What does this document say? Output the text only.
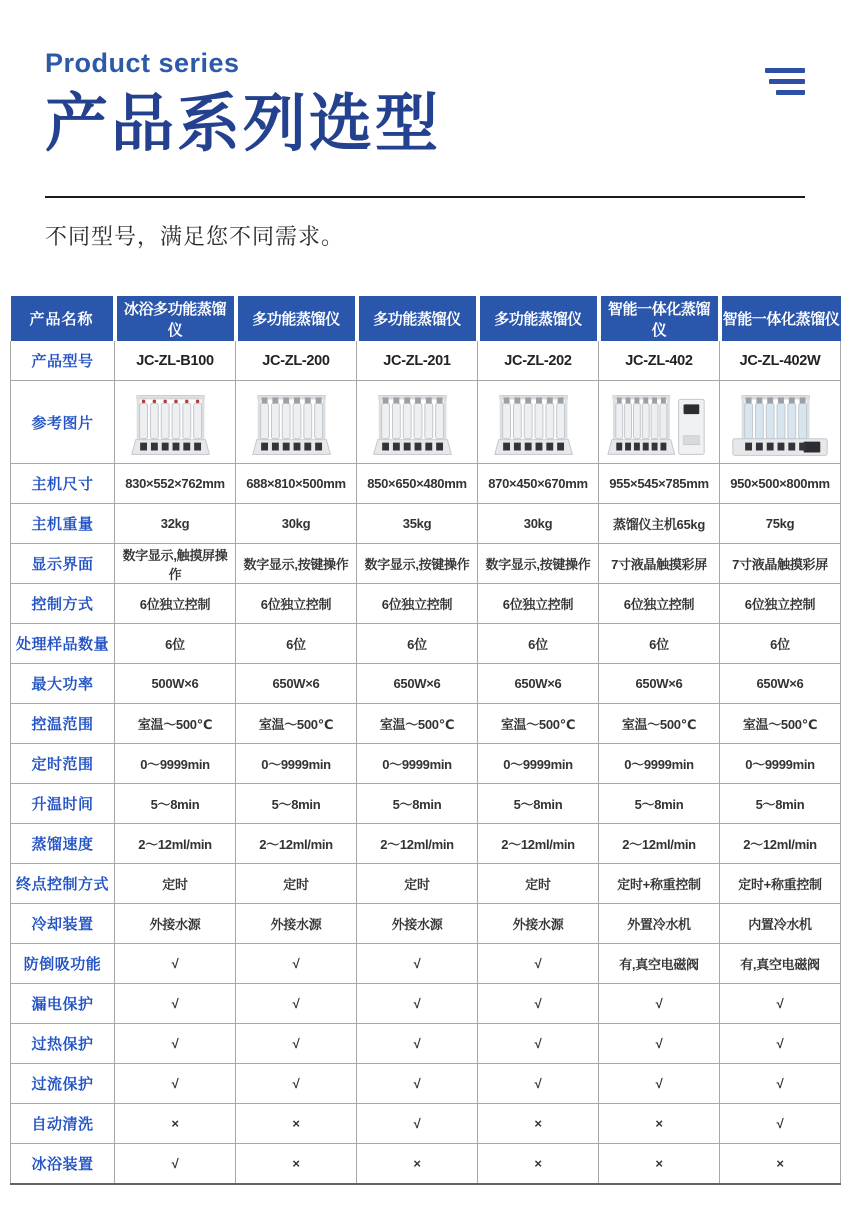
Product series
产品系列选型
不同型号，满足您不同需求。
产品名称	冰浴多功能蒸馏仪	多功能蒸馏仪	多功能蒸馏仪	多功能蒸馏仪	智能一体化蒸馏仪	智能一体化蒸馏仪
产品型号	JC-ZL-B100	JC-ZL-200	JC-ZL-201	JC-ZL-202	JC-ZL-402	JC-ZL-402W
参考图片	

主机尺寸	830×552×762mm	688×810×500mm	850×650×480mm	870×450×670mm	955×545×785mm	950×500×800mm
主机重量	32kg	30kg	35kg	30kg	蒸馏仪主机65kg	75kg
显示界面	数字显示,触摸屏操作	数字显示,按键操作	数字显示,按键操作	数字显示,按键操作	7寸液晶触摸彩屏	7寸液晶触摸彩屏
控制方式	6位独立控制	6位独立控制	6位独立控制	6位独立控制	6位独立控制	6位独立控制
处理样品数量	6位	6位	6位	6位	6位	6位
最大功率	500W×6	650W×6	650W×6	650W×6	650W×6	650W×6
控温范围	室温～500℃	室温～500℃	室温～500℃	室温～500℃	室温～500℃	室温～500℃
定时范围	0～9999min	0～9999min	0～9999min	0～9999min	0～9999min	0～9999min
升温时间	5～8min	5～8min	5～8min	5～8min	5～8min	5～8min
蒸馏速度	2～12ml/min	2～12ml/min	2～12ml/min	2～12ml/min	2～12ml/min	2～12ml/min
终点控制方式	定时	定时	定时	定时	定时+称重控制	定时+称重控制
冷却装置	外接水源	外接水源	外接水源	外接水源	外置冷水机	内置冷水机
防倒吸功能	√	√	√	√	有,真空电磁阀	有,真空电磁阀
漏电保护	√	√	√	√	√	√
过热保护	√	√	√	√	√	√
过流保护	√	√	√	√	√	√
自动清洗	×	×	√	×	×	√
冰浴装置	√	×	×	×	×	×
